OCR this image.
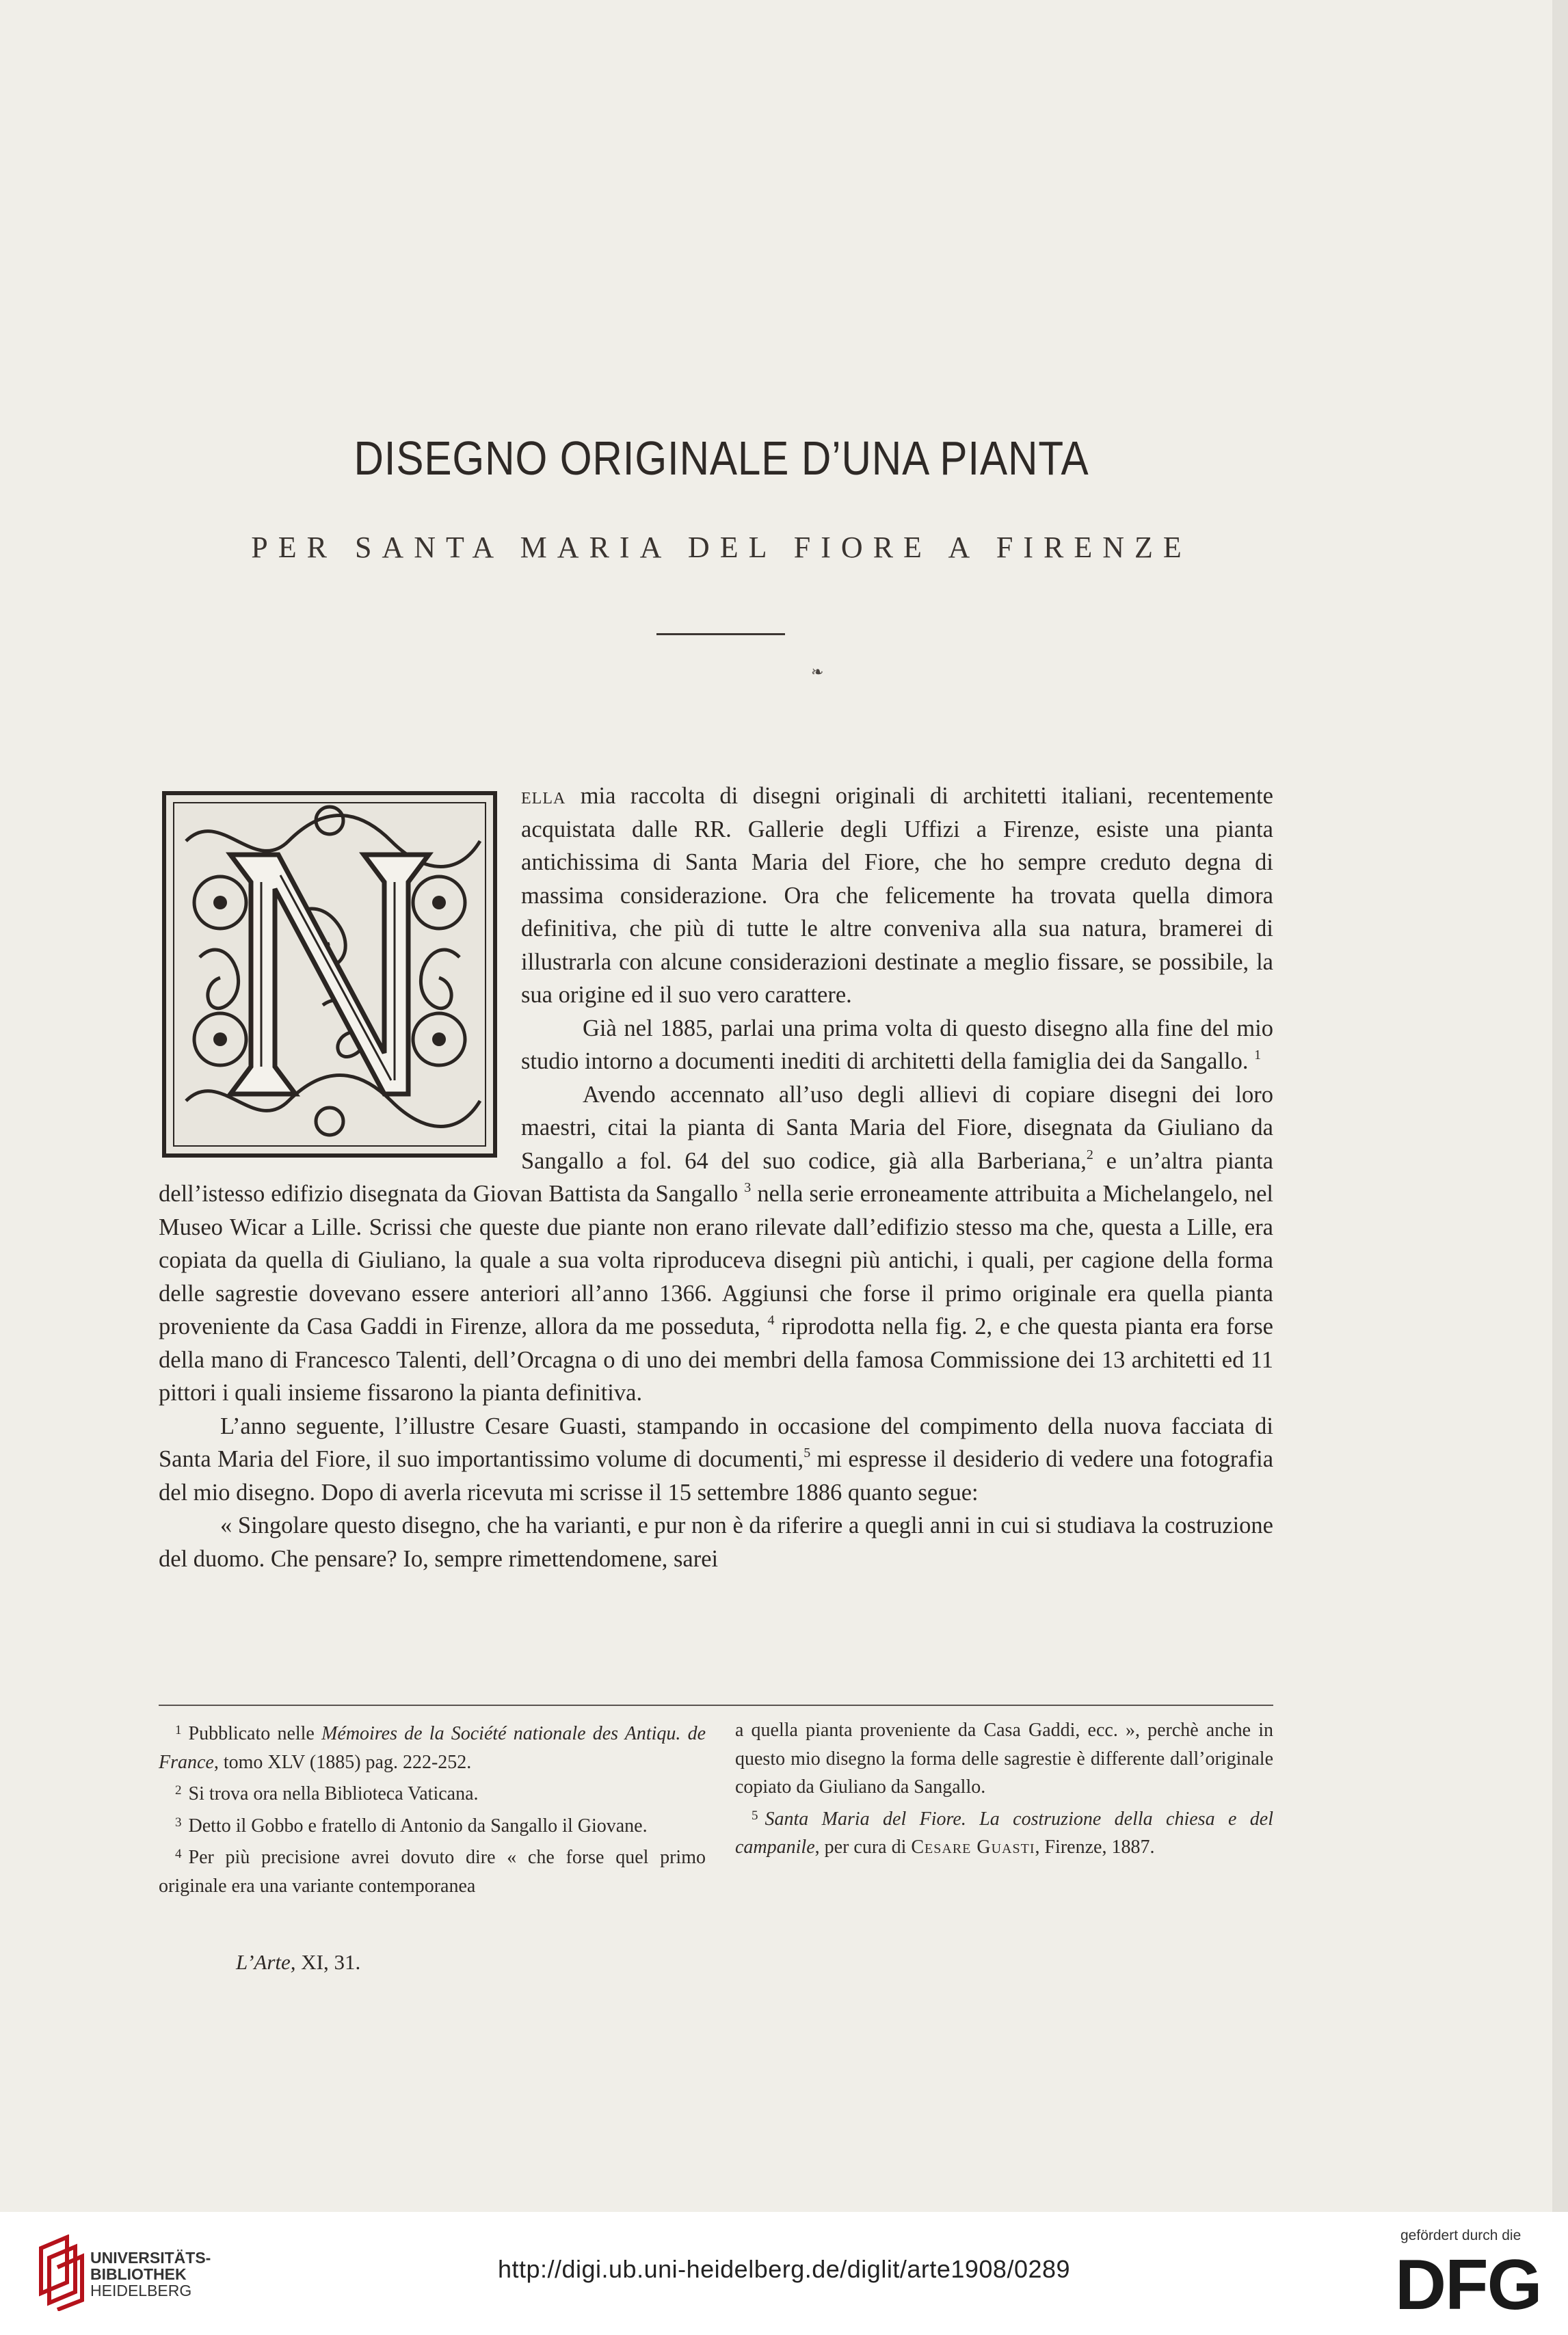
DISEGNO ORIGINALE D’UNA PIANTA
PER SANTA MARIA DEL FIORE A FIRENZE
❧

ella mia raccolta di disegni originali di architetti italiani, recentemente acquistata dalle RR. Gallerie degli Uffizi a Firenze, esiste una pianta antichissima di Santa Maria del Fiore, che ho sempre creduto degna di massima considerazione. Ora che felicemente ha trovata quella dimora definitiva, che più di tutte le altre conveniva alla sua natura, bramerei di illustrarla con alcune considerazioni destinate a meglio fissare, se possibile, la sua origine ed il suo vero carattere.

Già nel 1885, parlai una prima volta di questo disegno alla fine del mio studio intorno a documenti inediti di architetti della famiglia dei da Sangallo. $^1$

Avendo accennato all’uso degli allievi di copiare disegni dei loro maestri, citai la pianta di Santa Maria del Fiore, disegnata da Giuliano da Sangallo a fol. 64 del suo codice, già alla Barberiana,$^2$ e un’altra pianta dell’istesso edifizio disegnata da Giovan Battista da Sangallo $^3$ nella serie erroneamente attribuita a Michelangelo, nel Museo Wicar a Lille. Scrissi che queste due piante non erano rilevate dall’edifizio stesso ma che, questa a Lille, era copiata da quella di Giuliano, la quale a sua volta riproduceva disegni più antichi, i quali, per cagione della forma delle sagrestie dovevano essere anteriori all’anno 1366. Aggiunsi che forse il primo originale era quella pianta proveniente da Casa Gaddi in Firenze, allora da me posseduta, $^4$ riprodotta nella fig. 2, e che questa pianta era forse della mano di Francesco Talenti, dell’Orcagna o di uno dei membri della famosa Commissione dei 13 architetti ed 11 pittori i quali insieme fissarono la pianta definitiva.

L’anno seguente, l’illustre Cesare Guasti, stampando in occasione del compimento della nuova facciata di Santa Maria del Fiore, il suo importantissimo volume di documenti,$^5$ mi espresse il desiderio di vedere una fotografia del mio disegno. Dopo di averla ricevuta mi scrisse il 15 settembre 1886 quanto segue:

« Singolare questo disegno, che ha varianti, e pur non è da riferire a quegli anni in cui si studiava la costruzione del duomo. Che pensare? Io, sempre rimettendomene, sarei

$^1$ Pubblicato nelle Mémoires de la Société nationale des Antiqu. de France, tomo XLV (1885) pag. 222-252.

$^2$ Si trova ora nella Biblioteca Vaticana.

$^3$ Detto il Gobbo e fratello di Antonio da Sangallo il Giovane.

$^4$ Per più precisione avrei dovuto dire « che forse quel primo originale era una variante contemporanea

a quella pianta proveniente da Casa Gaddi, ecc. », perchè anche in questo mio disegno la forma delle sagrestie è differente dall’originale copiato da Giuliano da Sangallo.

$^5$ Santa Maria del Fiore. La costruzione della chiesa e del campanile, per cura di Cesare Guasti, Firenze, 1887.

L’Arte, XI, 31.
UNIVERSITÄTS-
BIBLIOTHEK
HEIDELBERG
http://digi.ub.uni-heidelberg.de/diglit/arte1908/0289
gefördert durch die
DFG
